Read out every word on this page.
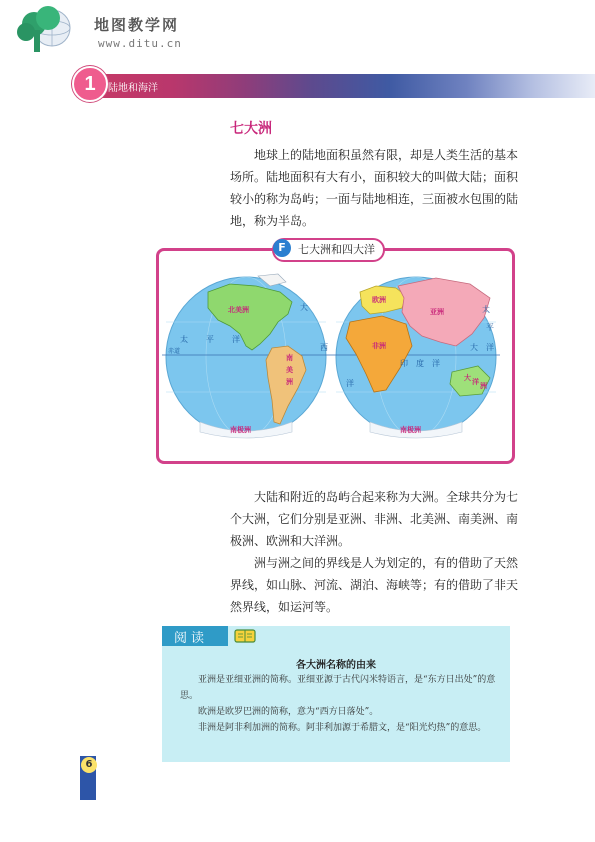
地图教学网
www.ditu.cn
1	陆地和海洋
七大洲
地球上的陆地面积虽然有限，却是人类生活的基本场所。陆地面积有大有小，面积较大的叫做大陆；面积较小的称为岛屿；一面与陆地相连，三面被水包围的陆地，称为半岛。
七大洲和四大洋
F
北美洲
南
美
洲
欧洲
亚洲
非洲
大 洋 洲
南极洲	南极洲
太 平 洋
大
西
洋
印 度 洋
太
平
洋
大
赤道
大陆和附近的岛屿合起来称为大洲。全球共分为七个大洲，它们分别是亚洲、非洲、北美洲、南美洲、南极洲、欧洲和大洋洲。
洲与洲之间的界线是人为划定的，有的借助了天然界线，如山脉、河流、湖泊、海峡等；有的借助了非天然界线，如运河等。
阅读
各大洲名称的由来
亚洲是亚细亚洲的简称。亚细亚源于古代闪米特语言，是“东方日出处”的意思。
欧洲是欧罗巴洲的简称，意为“西方日落处”。
非洲是阿非利加洲的简称。阿非利加源于希腊文，是“阳光灼热”的意思。
6
